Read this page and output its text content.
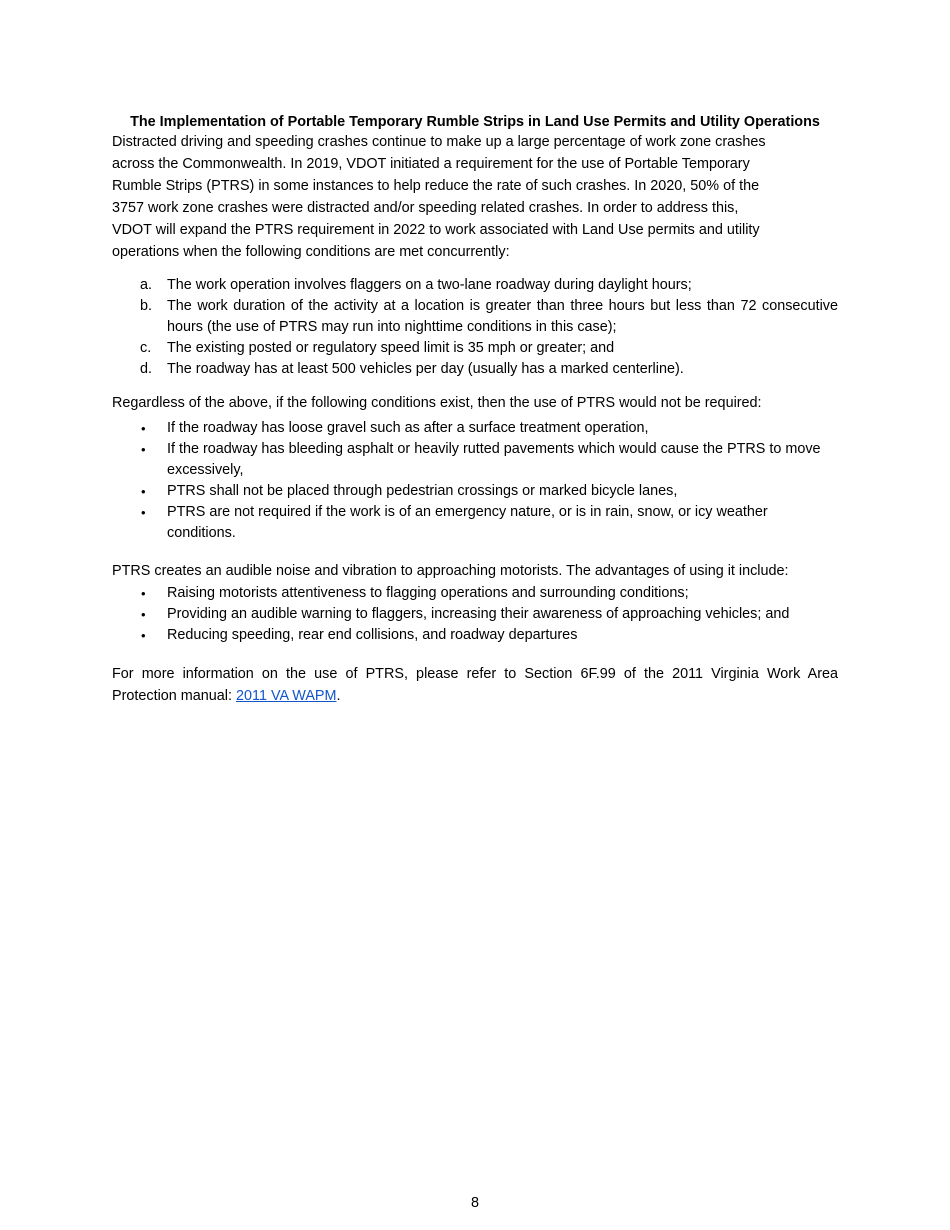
The Implementation of Portable Temporary Rumble Strips in Land Use Permits and Utility Operations

Distracted driving and speeding crashes continue to make up a large percentage of work zone crashes
across the Commonwealth. In 2019, VDOT initiated a requirement for the use of Portable Temporary
Rumble Strips (PTRS) in some instances to help reduce the rate of such crashes. In 2020, 50% of the
3757 work zone crashes were distracted and/or speeding related crashes. In order to address this,
VDOT will expand the PTRS requirement in 2022 to work associated with Land Use permits and utility
operations when the following conditions are met concurrently:

a. The work operation involves flaggers on a two-lane roadway during daylight hours;
b. The work duration of the activity at a location is greater than three hours but less than 72 consecutive hours (the use of PTRS may run into nighttime conditions in this case);
c. The existing posted or regulatory speed limit is 35 mph or greater; and
d. The roadway has at least 500 vehicles per day (usually has a marked centerline).

Regardless of the above, if the following conditions exist, then the use of PTRS would not be required:

• If the roadway has loose gravel such as after a surface treatment operation,
• If the roadway has bleeding asphalt or heavily rutted pavements which would cause the PTRS to move excessively,
• PTRS shall not be placed through pedestrian crossings or marked bicycle lanes,
• PTRS are not required if the work is of an emergency nature, or is in rain, snow, or icy weather conditions.

PTRS creates an audible noise and vibration to approaching motorists. The advantages of using it include:

• Raising motorists attentiveness to flagging operations and surrounding conditions;
• Providing an audible warning to flaggers, increasing their awareness of approaching vehicles; and
• Reducing speeding, rear end collisions, and roadway departures

For more information on the use of PTRS, please refer to Section 6F.99 of the 2011 Virginia Work Area
Protection manual: 2011 VA WAPM.

8
